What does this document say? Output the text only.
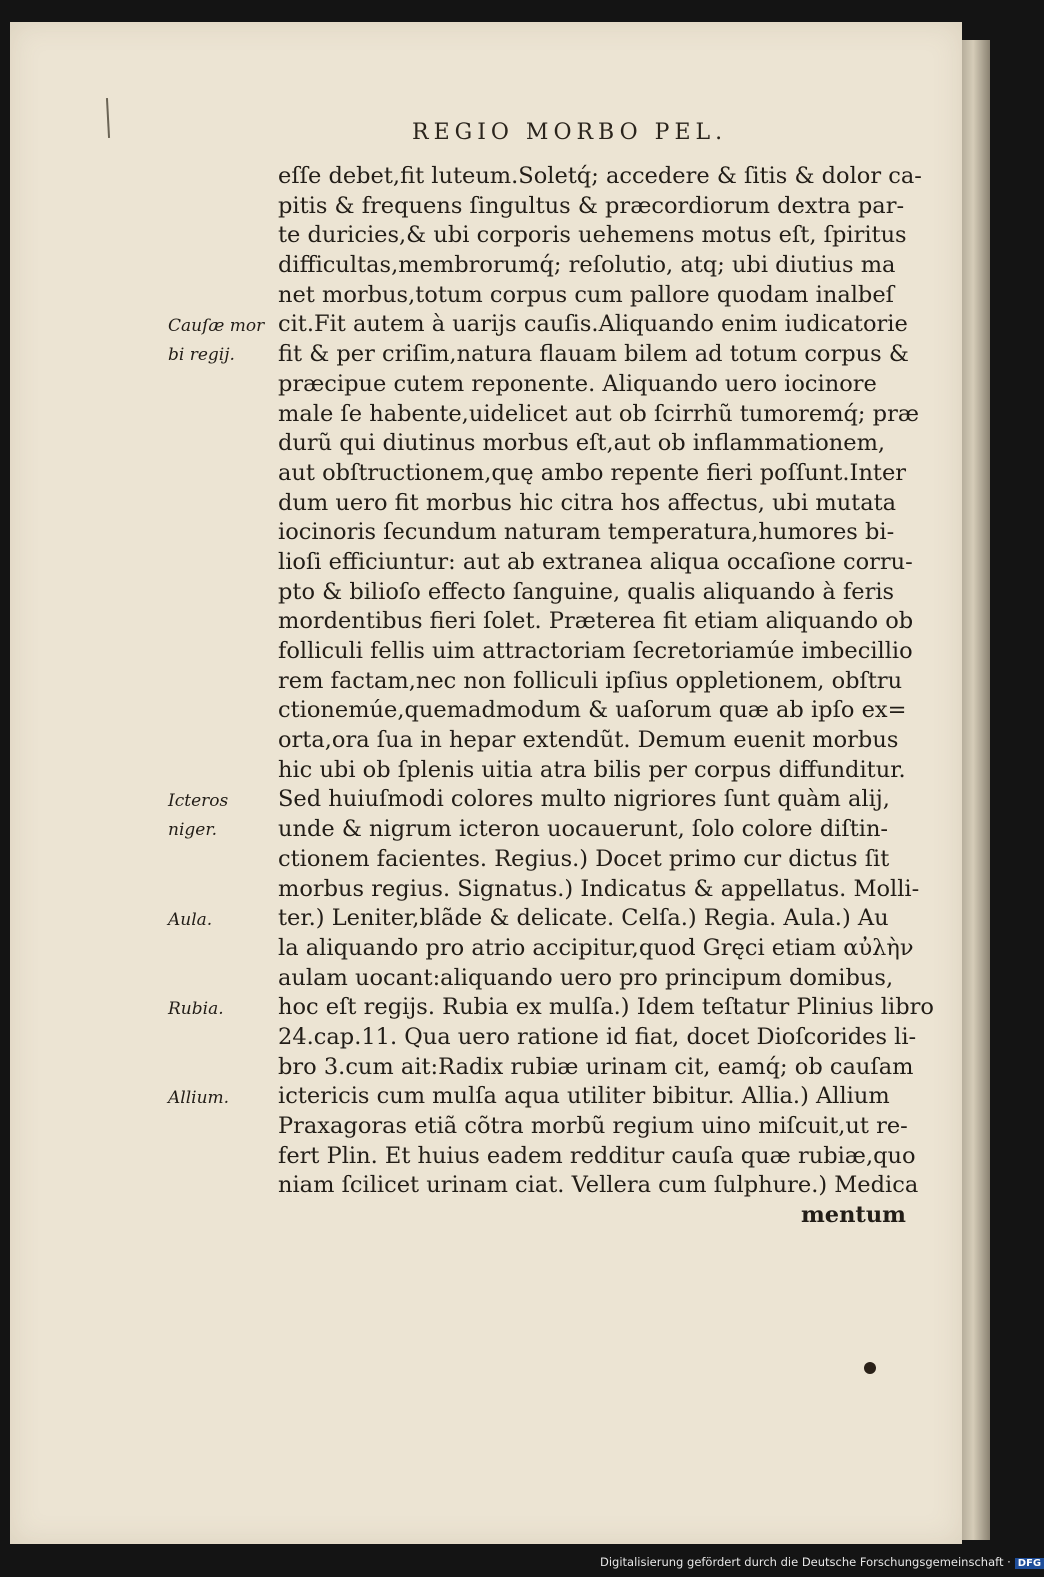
REGIO MORBO PEL.
eſſe debet,fit luteum.Soletq́; accedere & ſitis & dolor ca-
pitis & frequens ſingultus & præcordiorum dextra par-
te duricies,& ubi corporis uehemens motus eſt, ſpiritus
difficultas,membrorumq́; reſolutio, atq; ubi diutius ma
net morbus,totum corpus cum pallore quodam inalbeſ
cit.Fit autem à uarijs cauſis.Aliquando enim iudicatorie
fit & per criſim,natura flauam bilem ad totum corpus &
præcipue cutem reponente. Aliquando uero iocinore
male ſe habente,uidelicet aut ob ſcirrhũ tumoremq́; præ
durũ qui diutinus morbus eſt,aut ob inflammationem,
aut obſtructionem,quę ambo repente fieri poſſunt.Inter
dum uero fit morbus hic citra hos affectus, ubi mutata
iocinoris ſecundum naturam temperatura,humores bi-
lioſi efficiuntur: aut ab extranea aliqua occaſione corru-
pto & bilioſo effecto ſanguine, qualis aliquando à feris
mordentibus fieri ſolet. Præterea fit etiam aliquando ob
folliculi fellis uim attractoriam ſecretoriamúe imbecillio
rem factam,nec non folliculi ipſius oppletionem, obſtru
ctionemúe,quemadmodum & uaſorum quæ ab ipſo ex=
orta,ora ſua in hepar extendũt. Demum euenit morbus
hic ubi ob ſplenis uitia atra bilis per corpus diffunditur.
Sed huiuſmodi colores multo nigriores ſunt quàm alij,
unde & nigrum icteron uocauerunt, ſolo colore diſtin-
ctionem facientes. Regius.) Docet primo cur dictus ſit
morbus regius. Signatus.) Indicatus & appellatus. Molli-
ter.) Leniter,blãde & delicate. Celſa.) Regia. Aula.) Au
la aliquando pro atrio accipitur,quod Gręci etiam αὐλὴν
aulam uocant:aliquando uero pro principum domibus,
hoc eſt regijs. Rubia ex mulſa.) Idem teſtatur Plinius libro
24.cap.11. Qua uero ratione id fiat, docet Dioſcorides li-
bro 3.cum ait:Radix rubiæ urinam cit, eamq́; ob cauſam
ictericis cum mulſa aqua utiliter bibitur. Allia.) Allium
Praxagoras etiã cõtra morbũ regium uino miſcuit,ut re-
fert Plin. Et huius eadem redditur cauſa quæ rubiæ,quo
niam ſcilicet urinam ciat. Vellera cum ſulphure.) Medica
mentum
Cauſæ mor
bi regij.
Icteros
niger.
Aula.
Rubia.
Allium.
Digitalisierung gefördert durch die Deutsche Forschungsgemeinschaft · DFG
